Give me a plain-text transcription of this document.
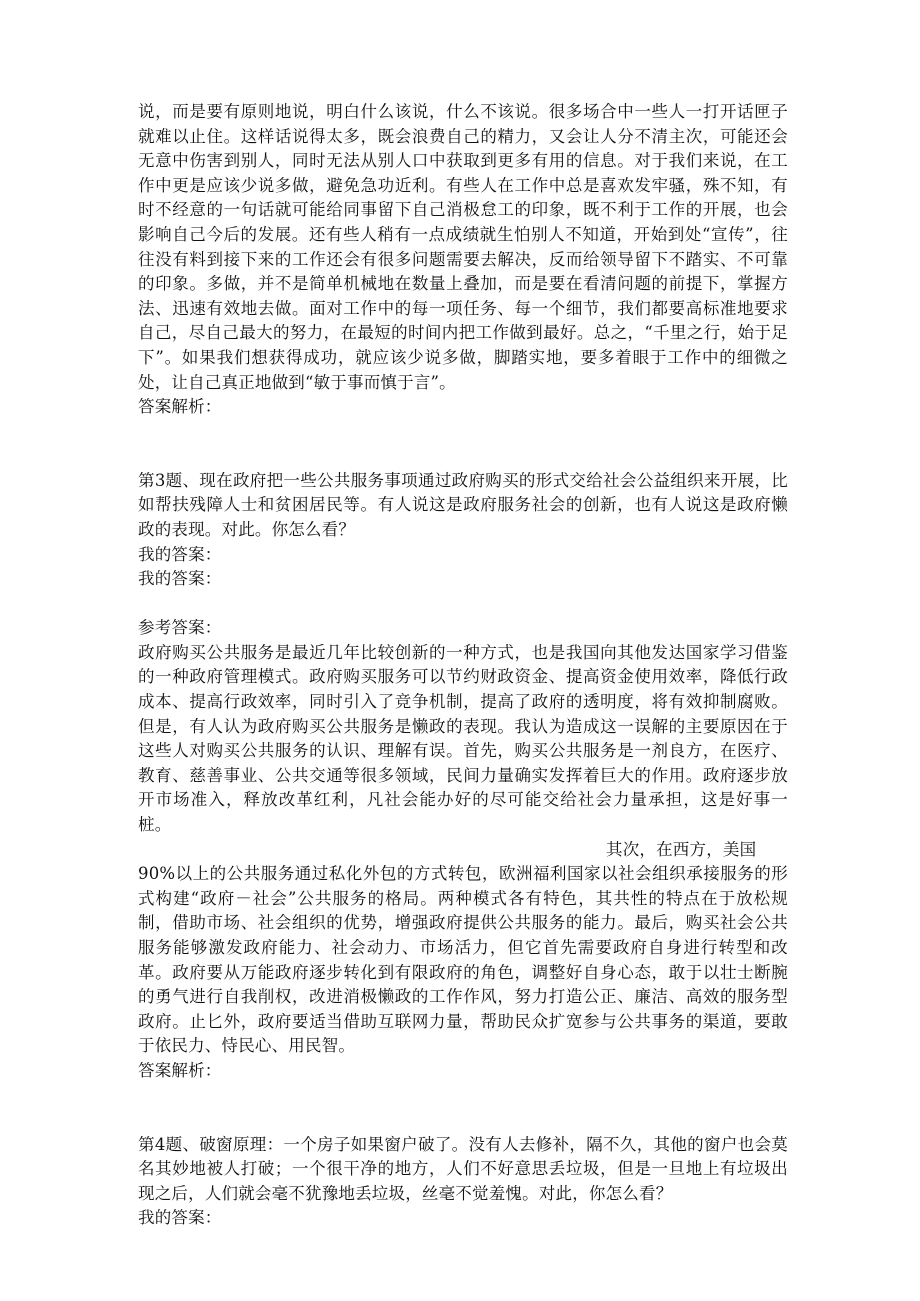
说，而是要有原则地说，明白什么该说，什么不该说。很多场合中一些人一打开话匣子就难以止住。这样话说得太多，既会浪费自己的精力，又会让人分不清主次，可能还会无意中伤害到别人，同时无法从别人口中获取到更多有用的信息。对于我们来说，在工作中更是应该少说多做，避免急功近利。有些人在工作中总是喜欢发牢骚，殊不知，有时不经意的一句话就可能给同事留下自己消极怠工的印象，既不利于工作的开展，也会影响自己今后的发展。还有些人稍有一点成绩就生怕别人不知道，开始到处“宣传”，往往没有料到接下来的工作还会有很多问题需要去解决，反而给领导留下不踏实、不可靠的印象。多做，并不是简单机械地在数量上叠加，而是要在看清问题的前提下，掌握方法、迅速有效地去做。面对工作中的每一项任务、每一个细节，我们都要高标准地要求自己，尽自己最大的努力，在最短的时间内把工作做到最好。总之，“千里之行，始于足下”。如果我们想获得成功，就应该少说多做，脚踏实地，要多着眼于工作中的细微之处，让自己真正地做到“敏于事而慎于言”。

答案解析：

第3题、现在政府把一些公共服务事项通过政府购买的形式交给社会公益组织来开展，比如帮扶残障人士和贫困居民等。有人说这是政府服务社会的创新，也有人说这是政府懒政的表现。对此。你怎么看？

我的答案：

我的答案：

参考答案：

政府购买公共服务是最近几年比较创新的一种方式，也是我国向其他发达国家学习借鉴的一种政府管理模式。政府购买服务可以节约财政资金、提高资金使用效率，降低行政成本、提高行政效率，同时引入了竞争机制，提高了政府的透明度，将有效抑制腐败。但是，有人认为政府购买公共服务是懒政的表现。我认为造成这一误解的主要原因在于这些人对购买公共服务的认识、理解有误。首先，购买公共服务是一剂良方，在医疗、教育、慈善事业、公共交通等很多领域，民间力量确实发挥着巨大的作用。政府逐步放开市场准入，释放改革红利，凡社会能办好的尽可能交给社会力量承担，这是好事一桩。

其次，在西方，美国

90%以上的公共服务通过私化外包的方式转包，欧洲福利国家以社会组织承接服务的形式构建“政府－社会”公共服务的格局。两种模式各有特色，其共性的特点在于放松规制，借助市场、社会组织的优势，增强政府提供公共服务的能力。最后，购买社会公共服务能够激发政府能力、社会动力、市场活力，但它首先需要政府自身进行转型和改革。政府要从万能政府逐步转化到有限政府的角色，调整好自身心态，敢于以壮士断腕的勇气进行自我削权，改进消极懒政的工作作风，努力打造公正、廉洁、高效的服务型政府。止匕外，政府要适当借助互联网力量，帮助民众扩宽参与公共事务的渠道，要敢于依民力、恃民心、用民智。

答案解析：

第4题、破窗原理：一个房子如果窗户破了。没有人去修补，隔不久，其他的窗户也会莫名其妙地被人打破；一个很干净的地方，人们不好意思丢垃圾，但是一旦地上有垃圾出现之后，人们就会毫不犹豫地丢垃圾，丝毫不觉羞愧。对此，你怎么看？

我的答案：
